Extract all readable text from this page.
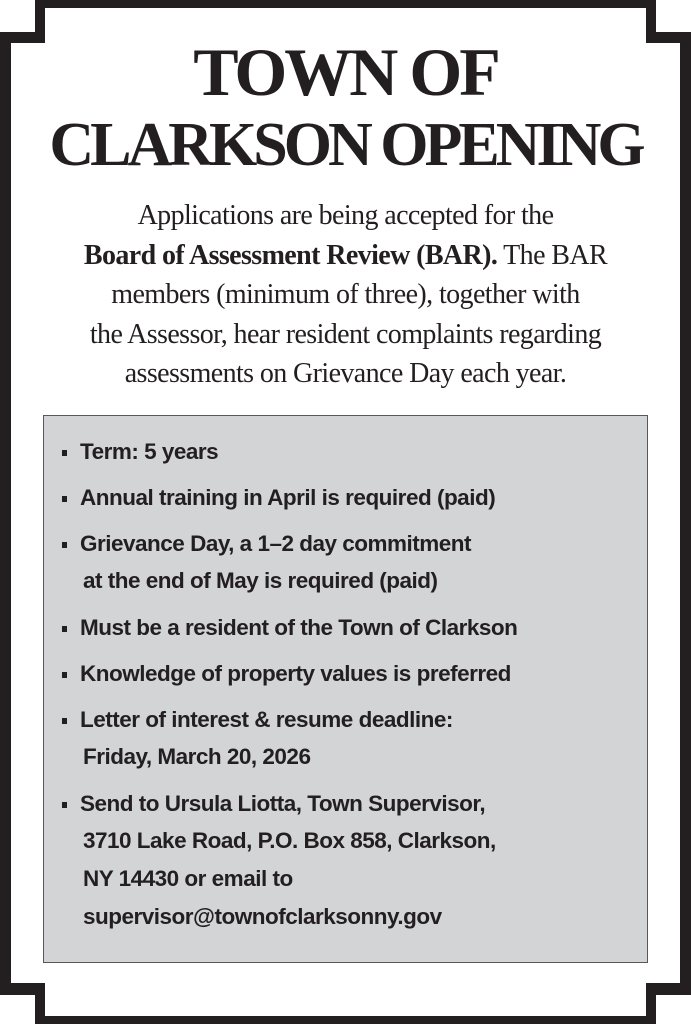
TOWN OF
CLARKSON OPENING
Applications are being accepted for the
Board of Assessment Review (BAR). The BAR
members (minimum of three), together with
the Assessor, hear resident complaints regarding
assessments on Grievance Day each year.
Term: 5 years
Annual training in April is required (paid)
Grievance Day, a 1–2 day commitment
at the end of May is required (paid)
Must be a resident of the Town of Clarkson
Knowledge of property values is preferred
Letter of interest & resume deadline:
Friday, March 20, 2026
Send to Ursula Liotta, Town Supervisor,
3710 Lake Road, P.O. Box 858, Clarkson,
NY 14430 or email to
supervisor@townofclarksonny.gov
